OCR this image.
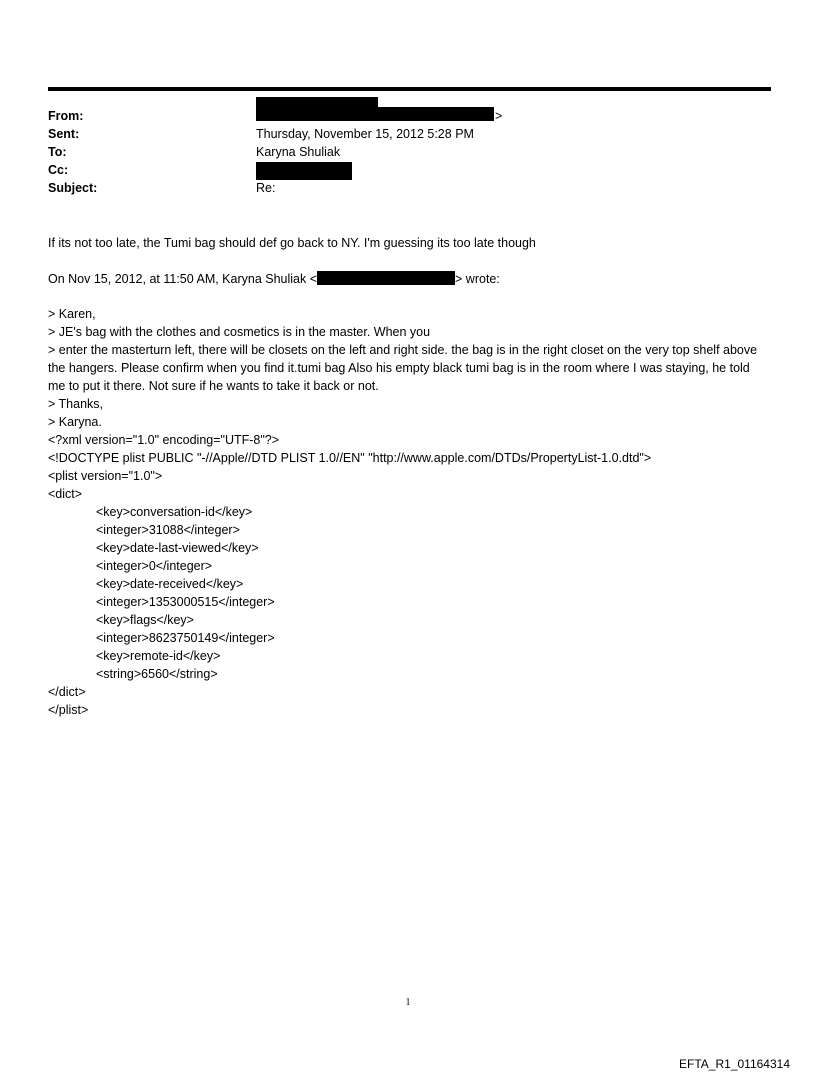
From:	>
Sent:	Thursday, November 15, 2012 5:28 PM
To:	Karyna Shuliak
Cc:
Subject:	Re:
If its not too late, the Tumi bag should def go back to NY. I'm guessing its too late though
On Nov 15, 2012, at 11:50 AM, Karyna Shuliak <	> wrote:
> Karen,
> JE's bag with the clothes and cosmetics is in the master. When you
> enter the masterturn left, there will be closets on the left and right side. the bag is in the right closet on the very top shelf above the hangers. Please confirm when you find it.tumi bag Also his empty black tumi bag is in the room where I was staying, he told me to put it there. Not sure if he wants to take it back or not.
> Thanks,
> Karyna.
<?xml version="1.0" encoding="UTF-8"?>
<!DOCTYPE plist PUBLIC "-//Apple//DTD PLIST 1.0//EN" "http://www.apple.com/DTDs/PropertyList-1.0.dtd">
<plist version="1.0">
<dict>
<key>conversation-id</key>
<integer>31088</integer>
<key>date-last-viewed</key>
<integer>0</integer>
<key>date-received</key>
<integer>1353000515</integer>
<key>flags</key>
<integer>8623750149</integer>
<key>remote-id</key>
<string>6560</string>
</dict>
</plist>
1
EFTA_R1_01164314
